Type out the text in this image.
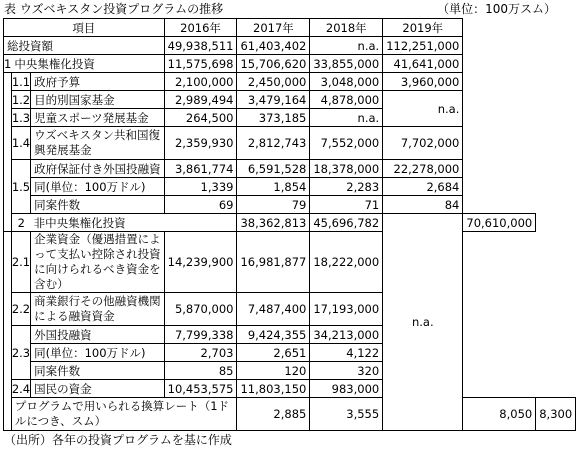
表 ウズベキスタン投資プログラムの推移	（単位：100万スム）
項目			2016年	2017年	2018年	2019年		
総投資額			49,938,511	61,403,402	n.a.	112,251,000		
1	中央集権化投資		11,575,698	15,706,620	33,855,000	41,641,000		
	1.1	政府予算	2,100,000	2,450,000	3,048,000	3,960,000		
	1.2	目的別国家基金	2,989,494	3,479,164	4,878,000	n.a.		
	1.3	児童スポーツ発展基金	264,500	373,185	n.a.			
	1.4	ウズベキスタン共和国復興発展基金	2,359,930	2,812,743	7,552,000	7,702,000		
	1.5	政府保証付き外国投融資	3,861,774	6,591,528	18,378,000	22,278,000		
		同(単位：100万ドル)	1,339	1,854	2,283	2,684		
		同案件数	69	79	71	84		
	2	非中央集権化投資		38,362,813	45,696,782	n.a.	70,610,000	
	2.1	企業資金（優遇措置によって支払い控除され投資に向けられるべき資金を含む）	14,239,900	16,981,877	18,222,000			
	2.2	商業銀行その他融資機関による融資資金	5,870,000	7,487,400	17,193,000			
	2.3	外国投融資	7,799,338	9,424,355	34,213,000			
		同(単位：100万ドル)	2,703	2,651	4,122			
		同案件数	85	120	320			
	2.4	国民の資金	10,453,575	11,803,150	983,000			
	プログラムで用いられる換算レート（1ドルにつき、スム）			2,885	3,555		8,050	8,300
（出所）各年の投資プログラムを基に作成
